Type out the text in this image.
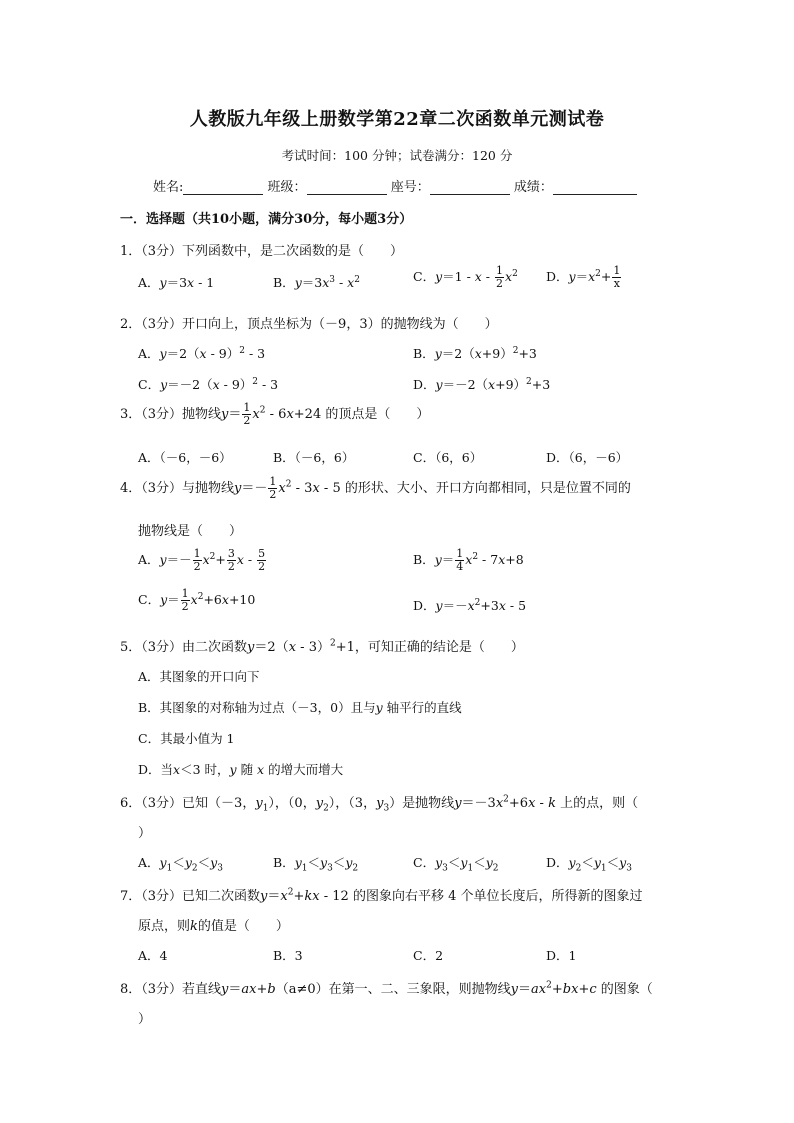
人教版九年级上册数学第22章二次函数单元测试卷
考试时间：100 分钟；试卷满分：120 分
姓名:	班级：	座号：	成绩：
一．选择题（共10小题，满分30分，每小题3分）
1．（3分）下列函数中，是二次函数的是（　　）
A．y＝3x - 1	B．$y=3x^3 - x^2$	C．$y=1 - x - \frac{1}{2} x^2$ D．$y=x^2+ \frac{1}{x}$
2．（3分）开口向上，顶点坐标为（－9，3）的抛物线为（　　）
A．y＝2（x - 9）$^2$ - 3	B．$y=2(x+9)^2+3$
C．y＝－2（x - 9）$^2$ - 3	D．$y=-2(x+9)^2+3$
3．（3分）抛物线$y= \frac{1}{2} x^2 - 6x+24$ 的顶点是（　　）
A．（－6，－6）	B．（－6，6）	C．（6，6）	D．（6，－6）
4．（3分）与抛物线$y=- \frac{1}{2} x^2 - 3x - 5$ 的形状、大小、开口方向都相同，只是位置不同的
抛物线是（　　）
A．$y=- \frac{1}{2} x^2+ \frac{3}{2}$ x - $\frac{5}{2}$	B．$y= \frac{1}{4} x^2 - 7x+8$
C．$y= \frac{1}{2} x^2+6x+10$	D．$y=-x^2+3x - 5$
5．（3分）由二次函数y＝2（x - 3）$^2$+1，可知正确的结论是（　　）
A．其图象的开口向下
B．其图象的对称轴为过点（－3，0）且与y 轴平行的直线
C．其最小值为 1
D．当x＜3 时，y 随 x 的增大而增大
6．（3分）已知（－3，$y_1$），（0，$y_2$），（3，$y_3$）是抛物线$y=-3x^2+6x - k$ 上的点，则（
）
A．$y_1<y_2<y_3$	B．$y_1<y_3<y_2$	C．$y_3<y_1<y_2$	D．$y_2<y_1<y_3$
7．（3分）已知二次函数$y=x^2+kx - 12$ 的图象向右平移 4 个单位长度后，所得新的图象过
原点，则k的值是（　　）
A．4	B．3	C．2	D．1
8．（3分）若直线y＝ax+b（a≠0）在第一、二、三象限，则抛物线$y=ax^2+bx+c$ 的图象（
）
